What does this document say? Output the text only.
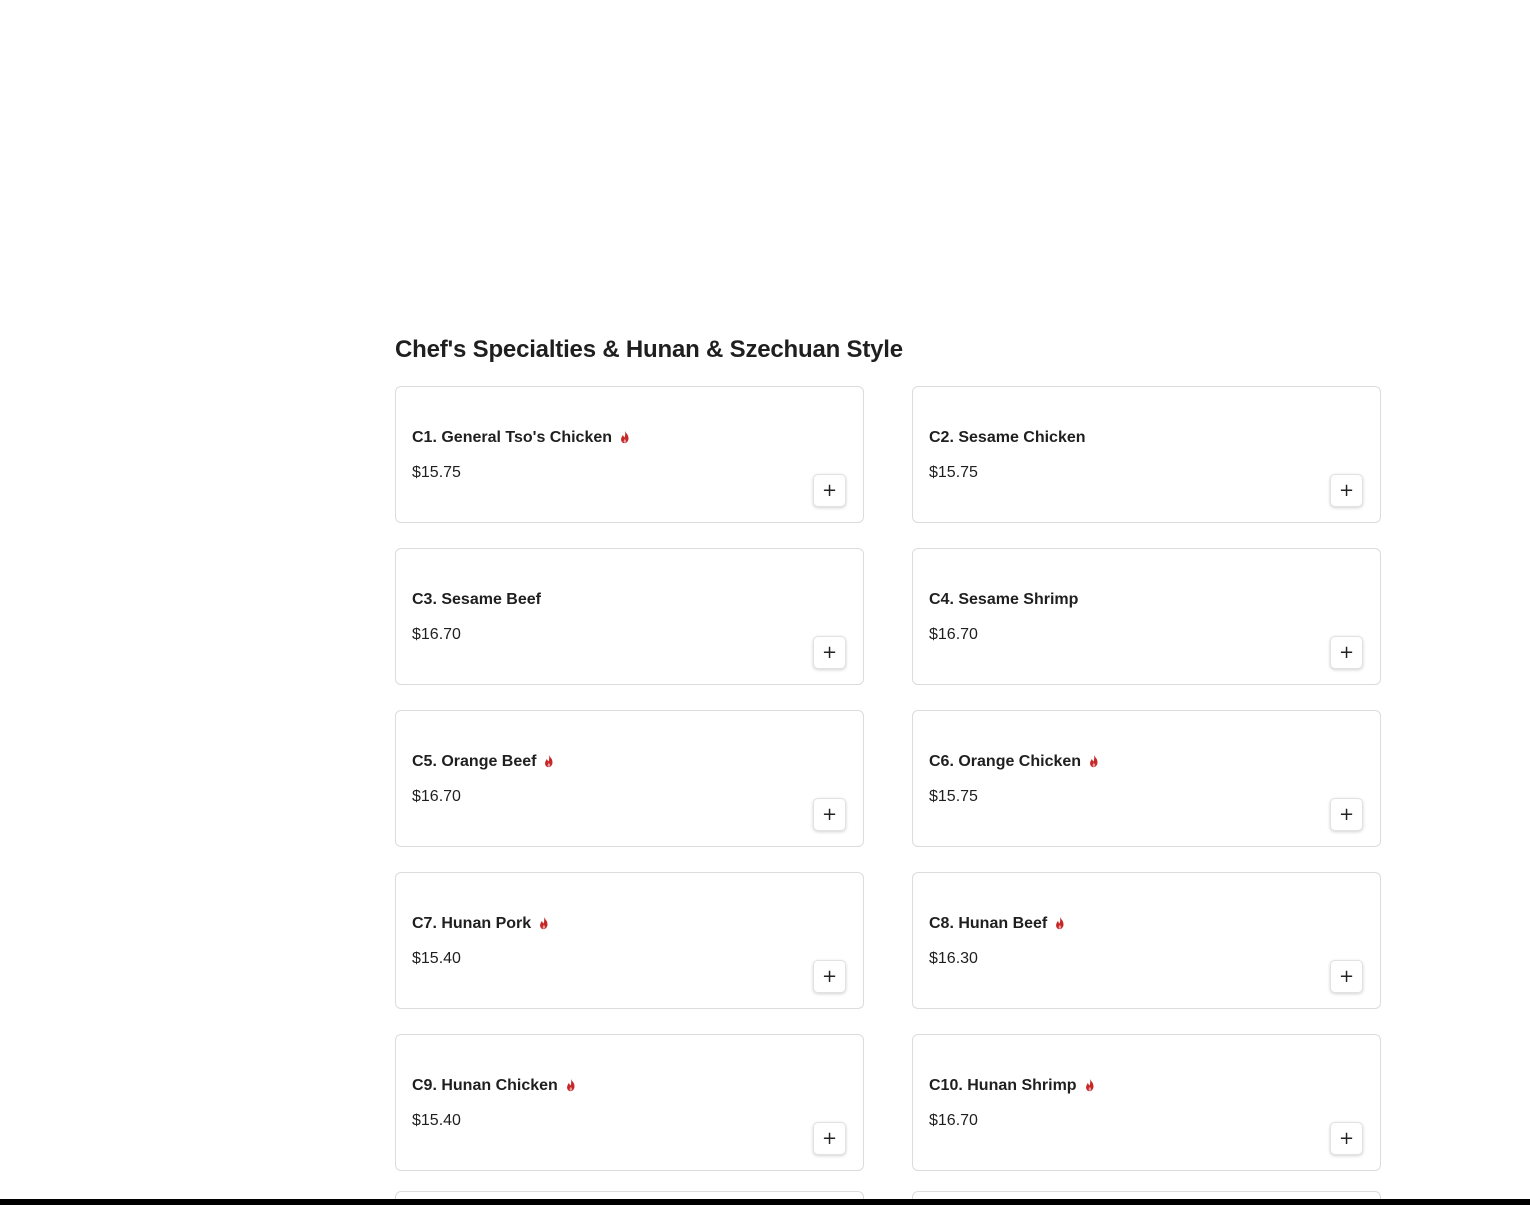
Chef's Specialties & Hunan & Szechuan Style
C1. General Tso's Chicken
$15.75
+
C2. Sesame Chicken
$15.75
+
C3. Sesame Beef
$16.70
+
C4. Sesame Shrimp
$16.70
+
C5. Orange Beef
$16.70
+
C6. Orange Chicken
$15.75
+
C7. Hunan Pork
$15.40
+
C8. Hunan Beef
$16.30
+
C9. Hunan Chicken
$15.40
+
C10. Hunan Shrimp
$16.70
+
